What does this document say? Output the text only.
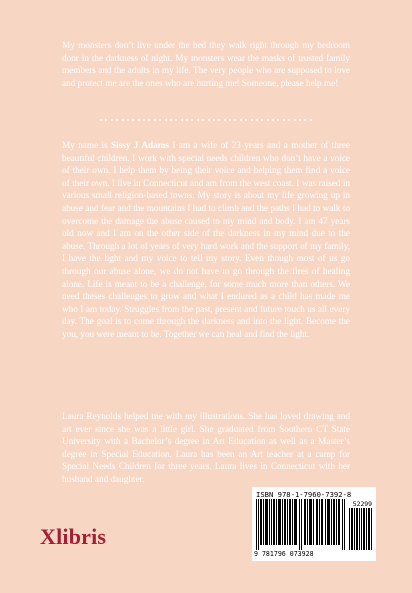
My monsters don’t live under the bed they walk right through my bedroom door in the darkness of night. My monsters wear the masks of trusted family members and the adults in my life. The very people who are supposed to love and protect me are the ones who are hurting me! Someone, please help me!
My name is Sissy J Adams I am a wife of 23 years and a mother of three beautiful children. I work with special needs children who don’t have a voice of their own. I help them by being their voice and helping them find a voice of their own. I live in Connecticut and am from the west coast. I was raised in various small religion-based towns. My story is about my life growing up in abuse and fear and the mountains I had to climb and the paths I had to walk to overcome the damage the abuse caused to my mind and body. I am 47 years old now and I am on the other side of the darkness in my mind due to the abuse. Through a lot of years of very hard work and the support of my family, I have the light and my voice to tell my story. Even though most of us go through our abuse alone, we do not have to go through the fires of healing alone. Life is meant to be a challenge, for some much more than others. We need theses challenges to grow and what I endured as a child has made me who I am today. Struggles from the past, present and future touch us all every day. The goal is to come through the darkness and into the light. Become the you, you were meant to be. Together we can heal and find the light.
Laura Reynolds helped me with my illustrations. She has loved drawing and art ever since she was a little girl. She graduated from Southern CT State University with a Bachelor’s degree in Art Education as well as a Master’s degree in Special Education. Laura has been an Art teacher at a camp for Special Needs Children for three years. Laura lives in Connecticut with her husband and daughter.
Xlibris
ISBN 978-1-7960-7392-8
52299
9 781796 073928
